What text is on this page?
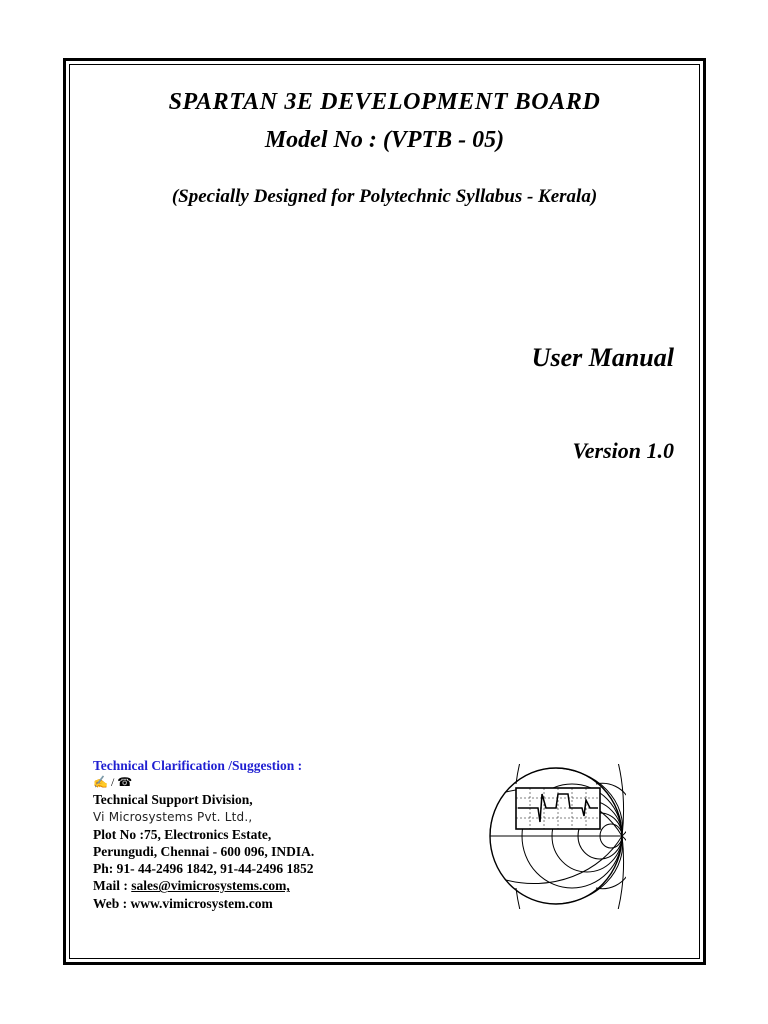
SPARTAN 3E DEVELOPMENT BOARD
Model No : (VPTB - 05)
(Specially Designed for Polytechnic Syllabus - Kerala)
User Manual
Version 1.0
Technical Clarification /Suggestion :
✍ / ☎
Technical Support Division,
Vi Microsystems Pvt. Ltd.,
Plot No :75, Electronics Estate,
Perungudi, Chennai - 600 096, INDIA.
Ph: 91- 44-2496 1842, 91-44-2496 1852
Mail : sales@vimicrosystems.com,
Web : www.vimicrosystem.com
